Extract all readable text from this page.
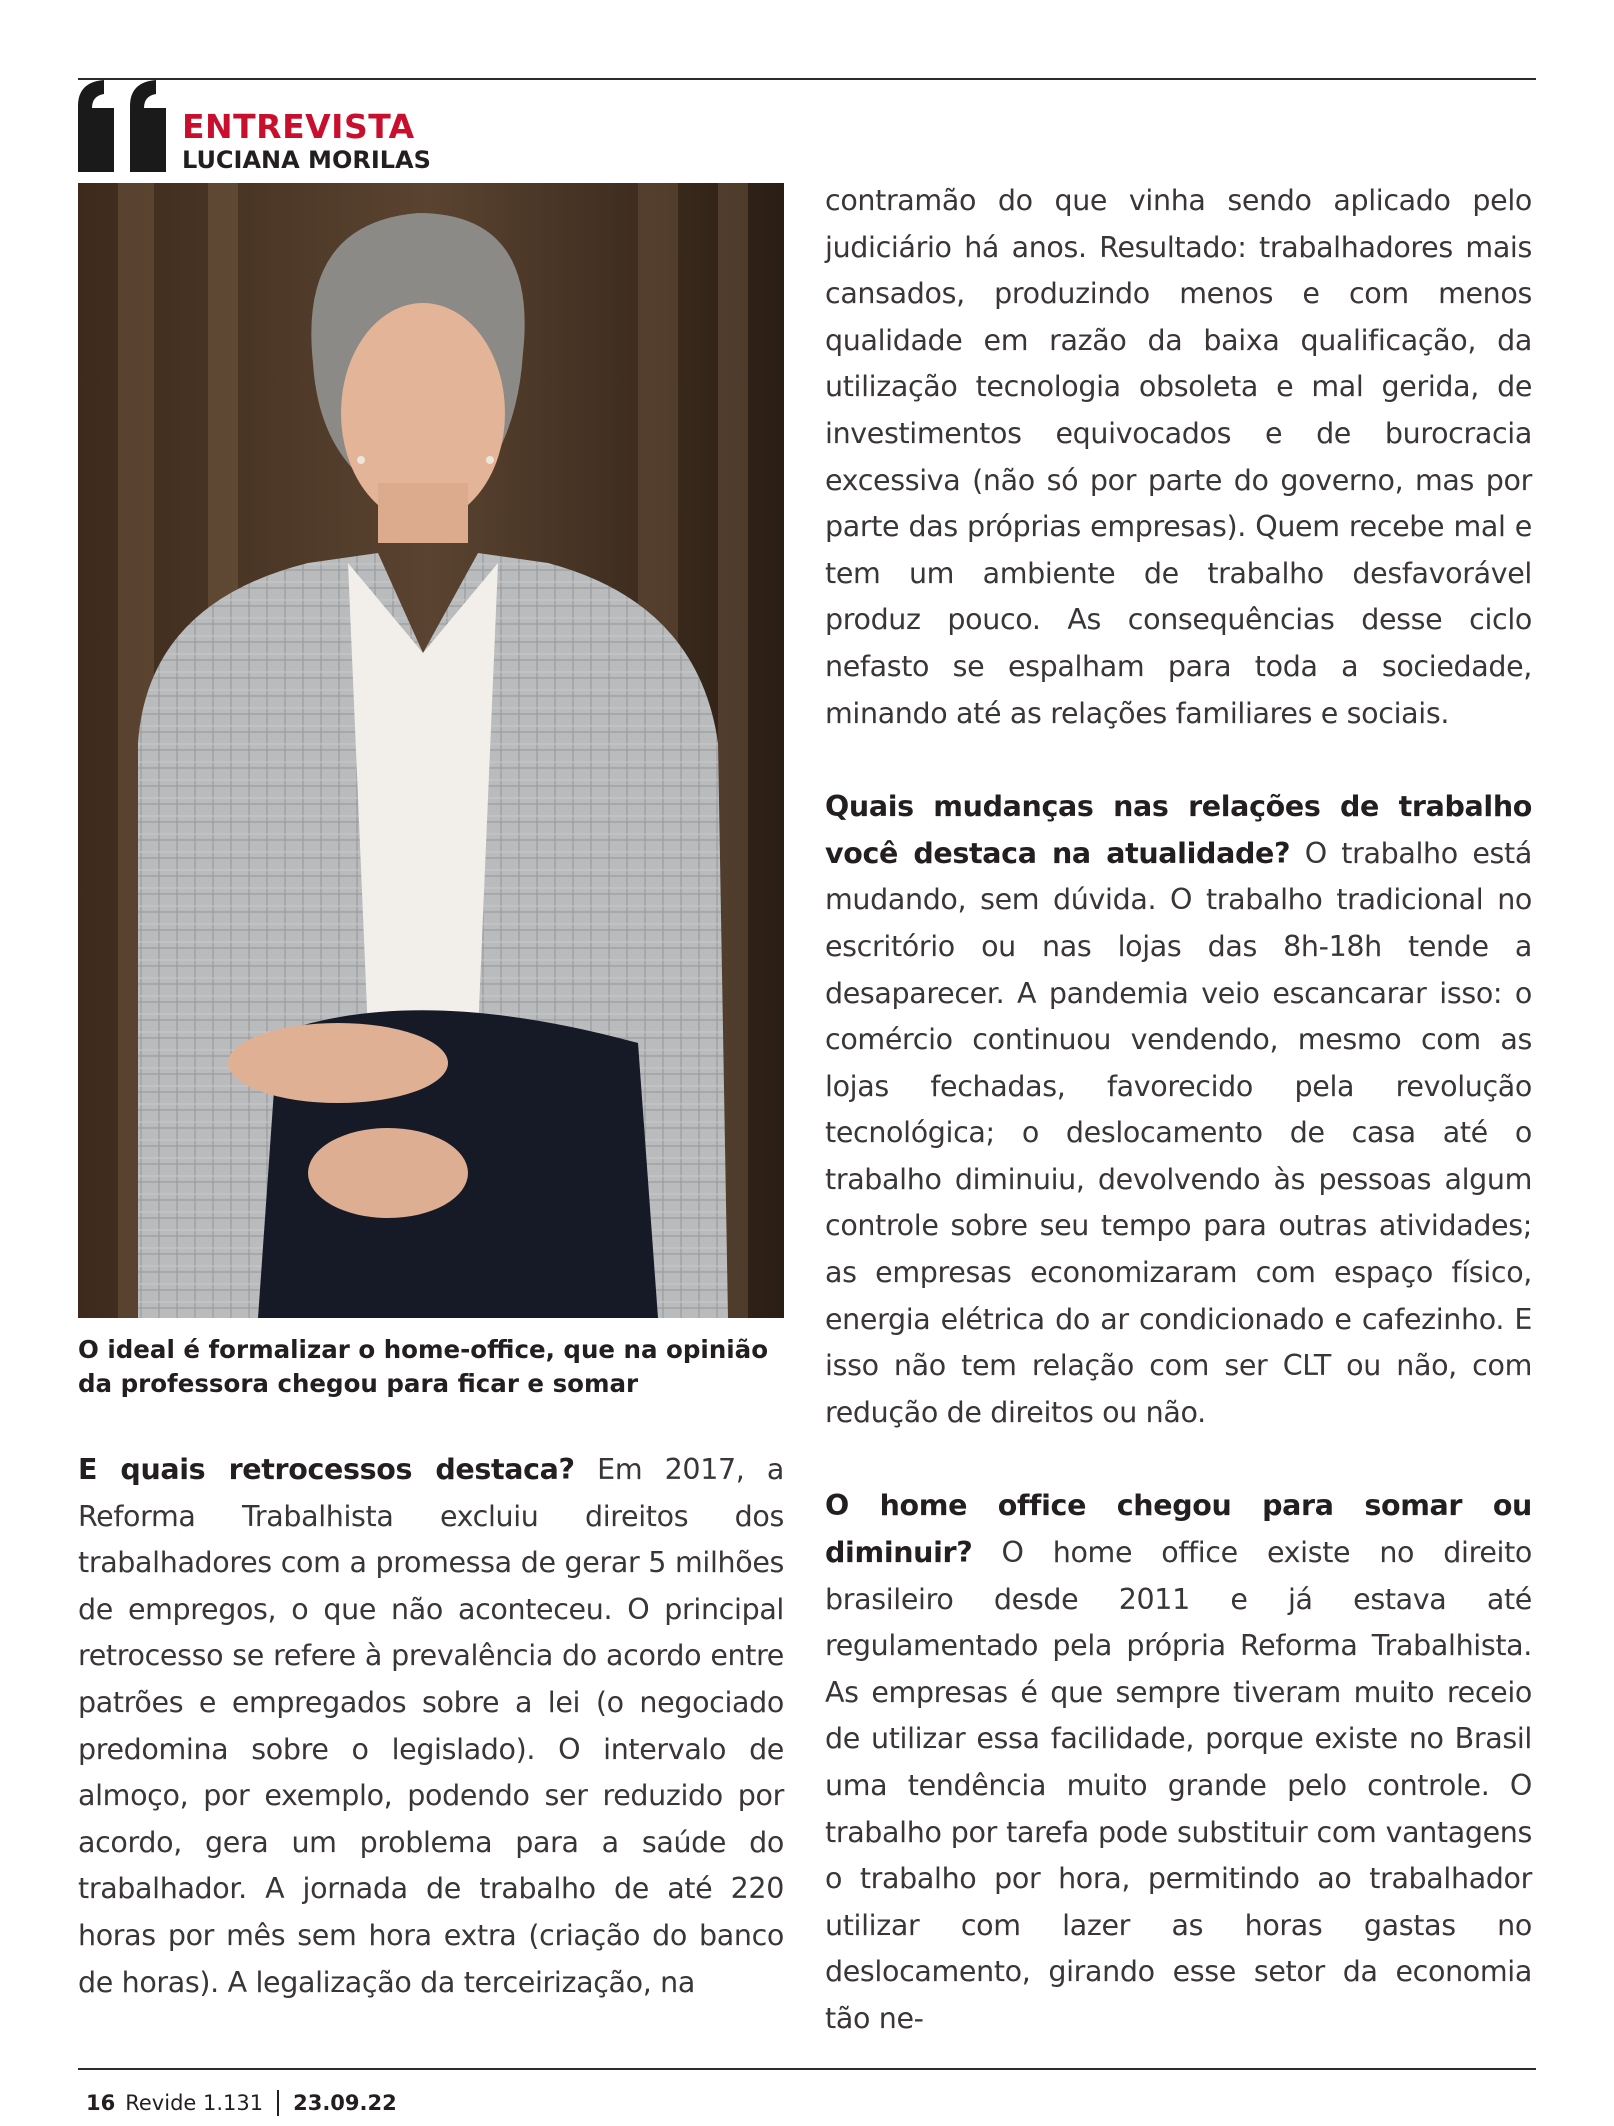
ENTREVISTA
LUCIANA MORILAS
O ideal é formalizar o home-office, que na opinião da professora chegou para ficar e somar

E quais retrocessos destaca? Em 2017, a Reforma Trabalhista excluiu direitos dos trabalhadores com a promessa de gerar 5 milhões de empregos, o que não aconteceu. O principal retrocesso se refere à prevalência do acordo entre patrões e empregados sobre a lei (o negociado predomina sobre o legislado). O intervalo de almoço, por exemplo, podendo ser reduzido por acordo, gera um problema para a saúde do trabalhador. A jornada de trabalho de até 220 horas por mês sem hora extra (criação do banco de horas). A legalização da terceirização, na

contramão do que vinha sendo aplicado pelo judiciário há anos. Resultado: trabalhadores mais cansados, produzindo menos e com menos qualidade em razão da baixa qualificação, da utilização tecnologia obsoleta e mal gerida, de investimentos equivocados e de burocracia excessiva (não só por parte do governo, mas por parte das próprias empresas). Quem recebe mal e tem um ambiente de trabalho desfavorável produz pouco. As consequências desse ciclo nefasto se espalham para toda a sociedade, minando até as relações familiares e sociais.

Quais mudanças nas relações de trabalho você destaca na atualidade? O trabalho está mudando, sem dúvida. O trabalho tradicional no escritório ou nas lojas das 8h-18h tende a desaparecer. A pandemia veio escancarar isso: o comércio continuou vendendo, mesmo com as lojas fechadas, favorecido pela revolução tecnológica; o deslocamento de casa até o trabalho diminuiu, devolvendo às pessoas algum controle sobre seu tempo para outras atividades; as empresas economizaram com espaço físico, energia elétrica do ar condicionado e cafezinho. E isso não tem relação com ser CLT ou não, com redução de direitos ou não.

O home office chegou para somar ou diminuir? O home office existe no direito brasileiro desde 2011 e já estava até regulamentado pela própria Reforma Trabalhista. As empresas é que sempre tiveram muito receio de utilizar essa facilidade, porque existe no Brasil uma tendência muito grande pelo controle. O trabalho por tarefa pode substituir com vantagens o trabalho por hora, permitindo ao trabalhador utilizar com lazer as horas gastas no deslocamento, girando esse setor da economia tão ne-

16 Revide 1.131 23.09.22
